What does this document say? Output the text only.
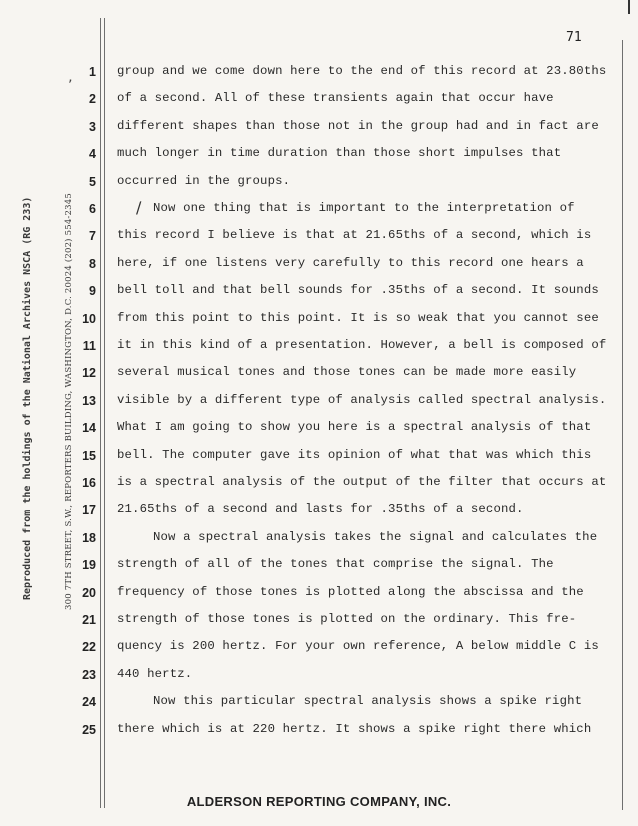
Reproduced from the holdings of the National Archives NSCA (RG 233)	300 7TH STREET, S.W., REPORTERS BUILDING, WASHINGTON, D.C. 20024 (202) 554-2345
’
71
∕
1 group and we come down here to the end of this record at 23.80ths
2 of a second. All of these transients again that occur have
3 different shapes than those not in the group had and in fact are
4 much longer in time duration than those short impulses that
5 occurred in the groups.
6	Now one thing that is important to the interpretation of
7 this record I believe is that at 21.65ths of a second, which is
8 here, if one listens very carefully to this record one hears a
9 bell toll and that bell sounds for .35ths of a second. It sounds
10 from this point to this point. It is so weak that you cannot see
11 it in this kind of a presentation. However, a bell is composed of
12 several musical tones and those tones can be made more easily
13 visible by a different type of analysis called spectral analysis.
14 What I am going to show you here is a spectral analysis of that
15 bell. The computer gave its opinion of what that was which this
16 is a spectral analysis of the output of the filter that occurs at
17 21.65ths of a second and lasts for .35ths of a second.
18	Now a spectral analysis takes the signal and calculates the
19 strength of all of the tones that comprise the signal. The
20 frequency of those tones is plotted along the abscissa and the
21 strength of those tones is plotted on the ordinary. This fre-
22 quency is 200 hertz. For your own reference, A below middle C is
23 440 hertz.
24	Now this particular spectral analysis shows a spike right
25 there which is at 220 hertz. It shows a spike right there which
ALDERSON REPORTING COMPANY, INC.
